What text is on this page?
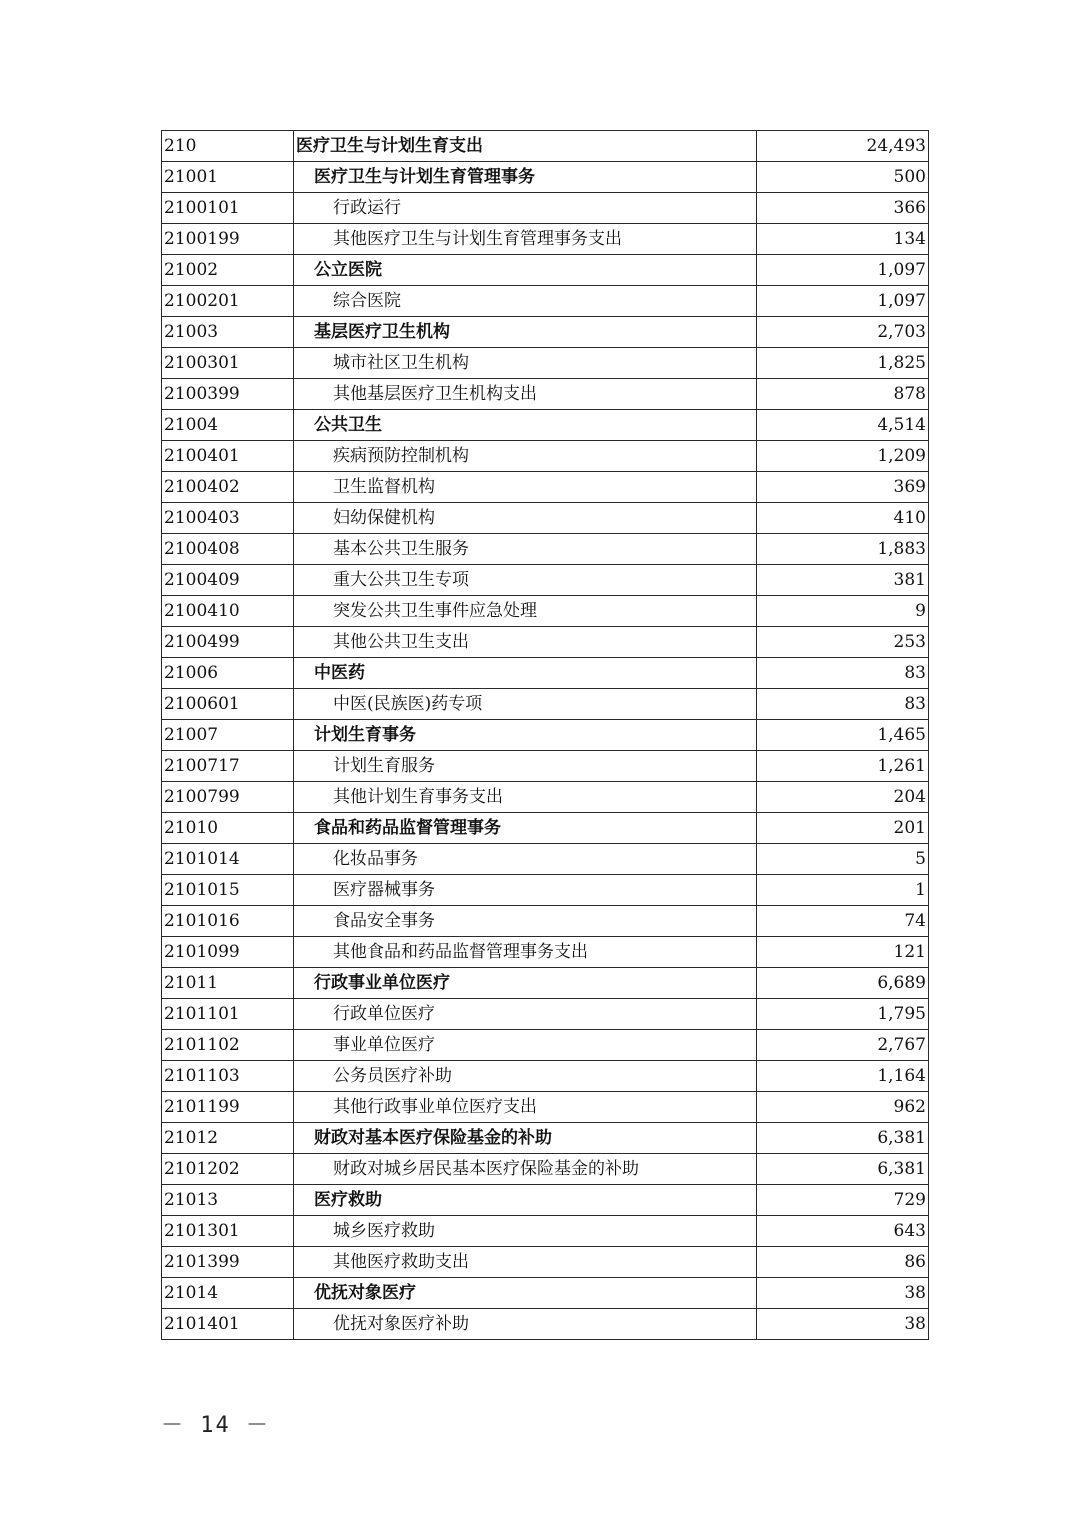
210	医疗卫生与计划生育支出	24,493
21001	医疗卫生与计划生育管理事务	500
2100101	行政运行	366
2100199	其他医疗卫生与计划生育管理事务支出	134
21002	公立医院	1,097
2100201	综合医院	1,097
21003	基层医疗卫生机构	2,703
2100301	城市社区卫生机构	1,825
2100399	其他基层医疗卫生机构支出	878
21004	公共卫生	4,514
2100401	疾病预防控制机构	1,209
2100402	卫生监督机构	369
2100403	妇幼保健机构	410
2100408	基本公共卫生服务	1,883
2100409	重大公共卫生专项	381
2100410	突发公共卫生事件应急处理	9
2100499	其他公共卫生支出	253
21006	中医药	83
2100601	中医(民族医)药专项	83
21007	计划生育事务	1,465
2100717	计划生育服务	1,261
2100799	其他计划生育事务支出	204
21010	食品和药品监督管理事务	201
2101014	化妆品事务	5
2101015	医疗器械事务	1
2101016	食品安全事务	74
2101099	其他食品和药品监督管理事务支出	121
21011	行政事业单位医疗	6,689
2101101	行政单位医疗	1,795
2101102	事业单位医疗	2,767
2101103	公务员医疗补助	1,164
2101199	其他行政事业单位医疗支出	962
21012	财政对基本医疗保险基金的补助	6,381
2101202	财政对城乡居民基本医疗保险基金的补助	6,381
21013	医疗救助	729
2101301	城乡医疗救助	643
2101399	其他医疗救助支出	86
21014	优抚对象医疗	38
2101401	优抚对象医疗补助	38
－ 14 －
